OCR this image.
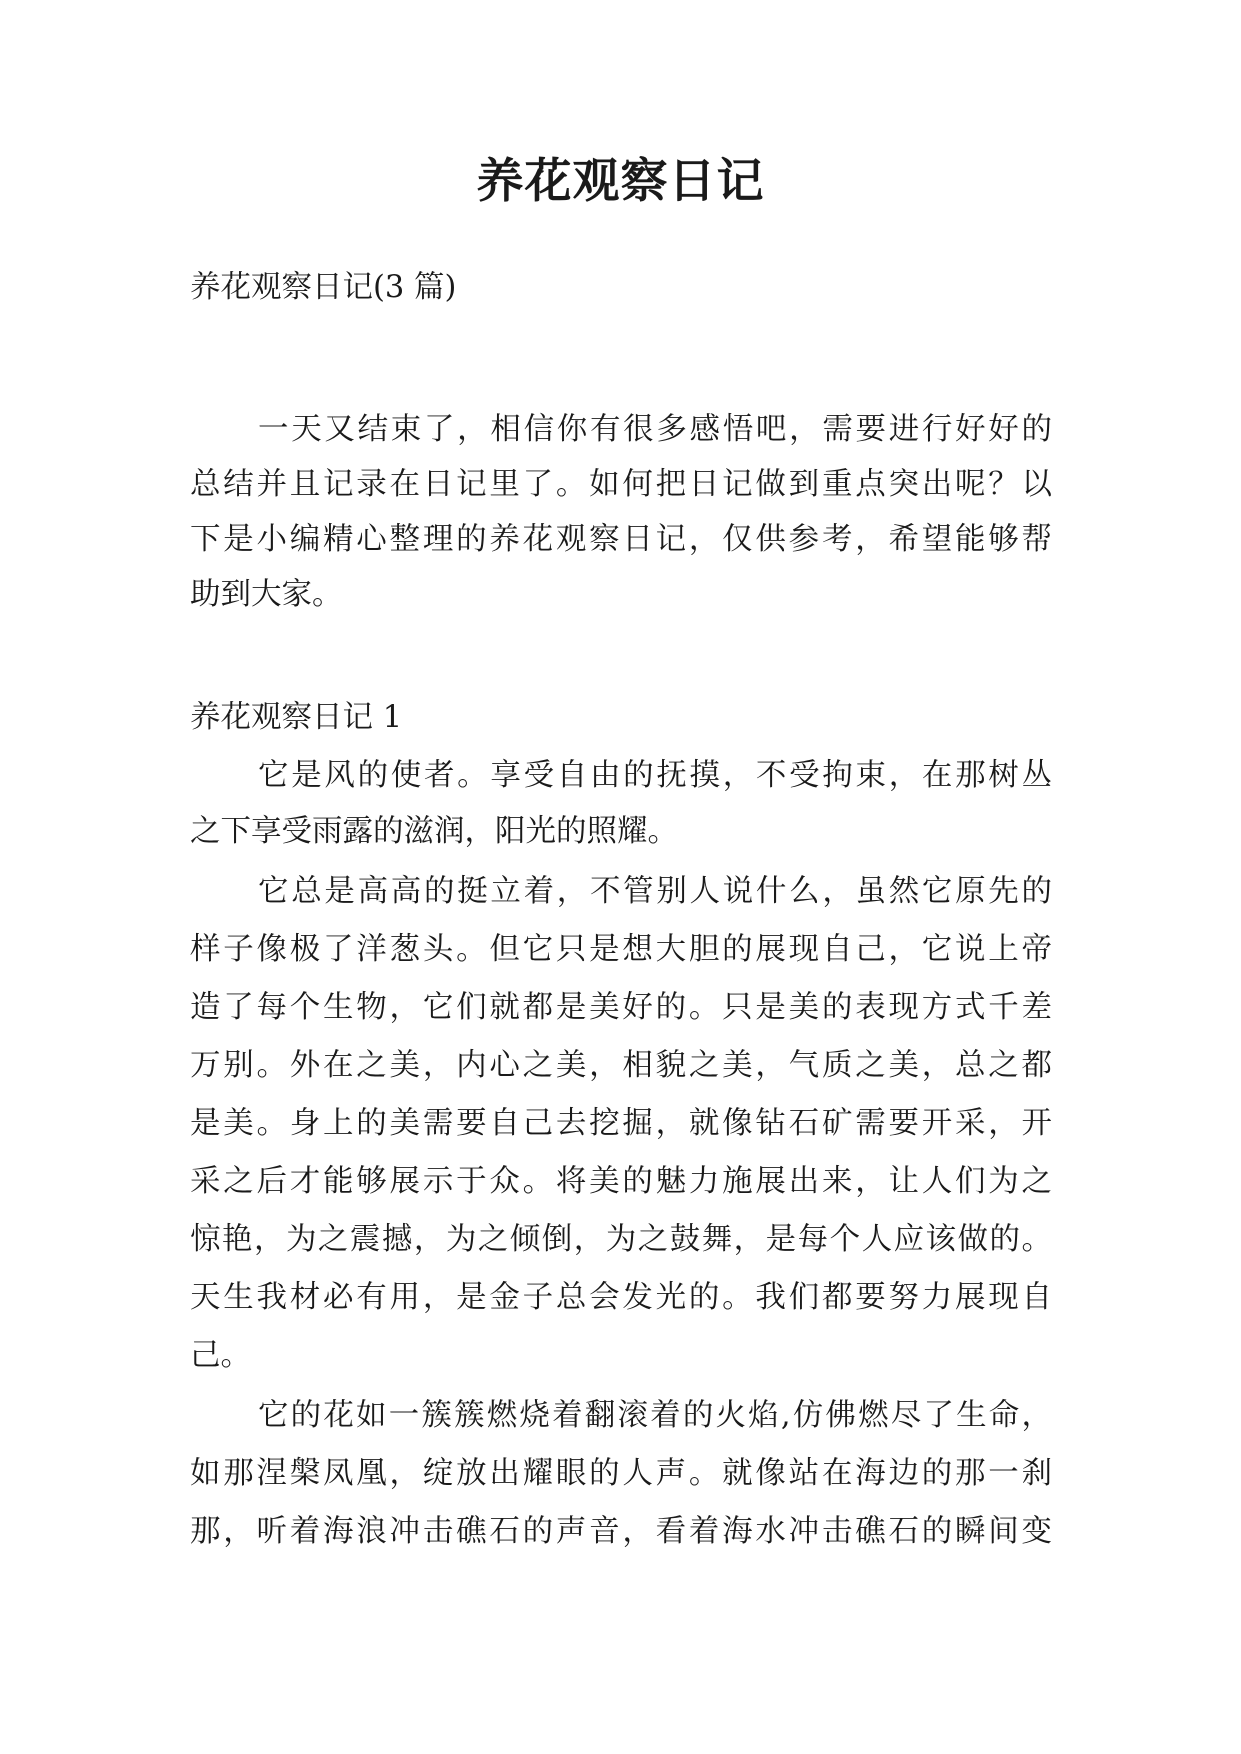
养花观察日记

养花观察日记(3 篇)

一天又结束了，相信你有很多感悟吧，需要进行好好的

总结并且记录在日记里了。如何把日记做到重点突出呢？以

下是小编精心整理的养花观察日记，仅供参考，希望能够帮

助到大家。

养花观察日记 1

它是风的使者。享受自由的抚摸，不受拘束，在那树丛

之下享受雨露的滋润，阳光的照耀。

它总是高高的挺立着，不管别人说什么，虽然它原先的

样子像极了洋葱头。但它只是想大胆的展现自己，它说上帝

造了每个生物，它们就都是美好的。只是美的表现方式千差

万别。外在之美，内心之美，相貌之美，气质之美，总之都

是美。身上的美需要自己去挖掘，就像钻石矿需要开采，开

采之后才能够展示于众。将美的魅力施展出来，让人们为之

惊艳，为之震撼，为之倾倒，为之鼓舞，是每个人应该做的。

天生我材必有用，是金子总会发光的。我们都要努力展现自

己。

它的花如一簇簇燃烧着翻滚着的火焰,仿佛燃尽了生命，

如那涅槃凤凰，绽放出耀眼的人声。就像站在海边的那一刹

那，听着海浪冲击礁石的声音，看着海水冲击礁石的瞬间变
